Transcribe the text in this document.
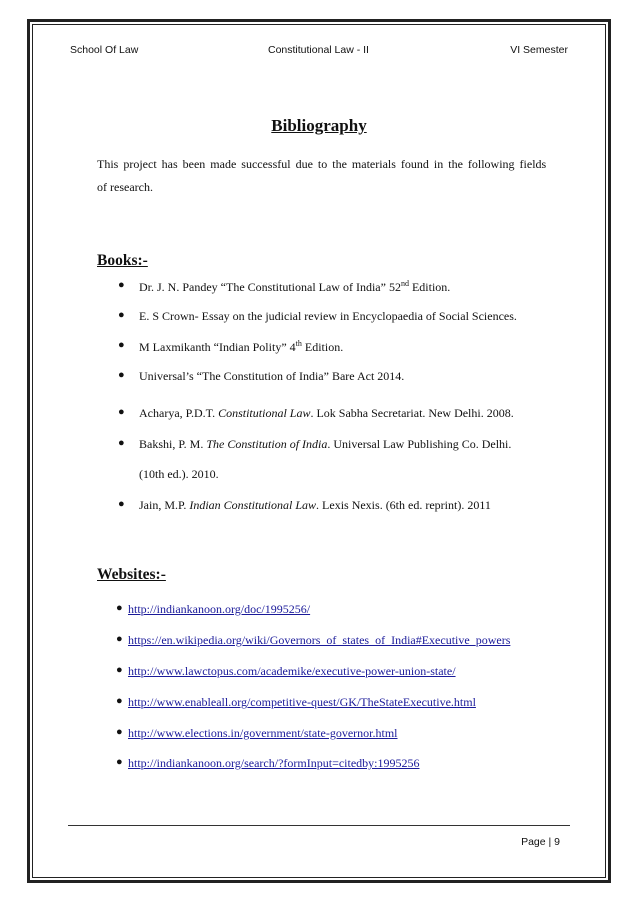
School Of Law	Constitutional Law - II	VI Semester
Bibliography
This project has been made successful due to the materials found in the following fields
of research.
Books:-
● Dr. J. N. Pandey “The Constitutional Law of India” 52nd Edition.
● E. S Crown- Essay on the judicial review in Encyclopaedia of Social Sciences.
● M Laxmikanth “Indian Polity” 4th Edition.
● Universal’s “The Constitution of India” Bare Act 2014.
● Acharya, P.D.T. Constitutional Law. Lok Sabha Secretariat. New Delhi. 2008.
● Bakshi, P. M. The Constitution of India. Universal Law Publishing Co. Delhi.
(10th ed.). 2010.
● Jain, M.P. Indian Constitutional Law. Lexis Nexis. (6th ed. reprint). 2011
Websites:-
● http://indiankanoon.org/doc/1995256/
● https://en.wikipedia.org/wiki/Governors_of_states_of_India#Executive_powers
● http://www.lawctopus.com/academike/executive-power-union-state/
● http://www.enableall.org/competitive-quest/GK/TheStateExecutive.html
● http://www.elections.in/government/state-governor.html
● http://indiankanoon.org/search/?formInput=citedby:1995256
Page | 9
